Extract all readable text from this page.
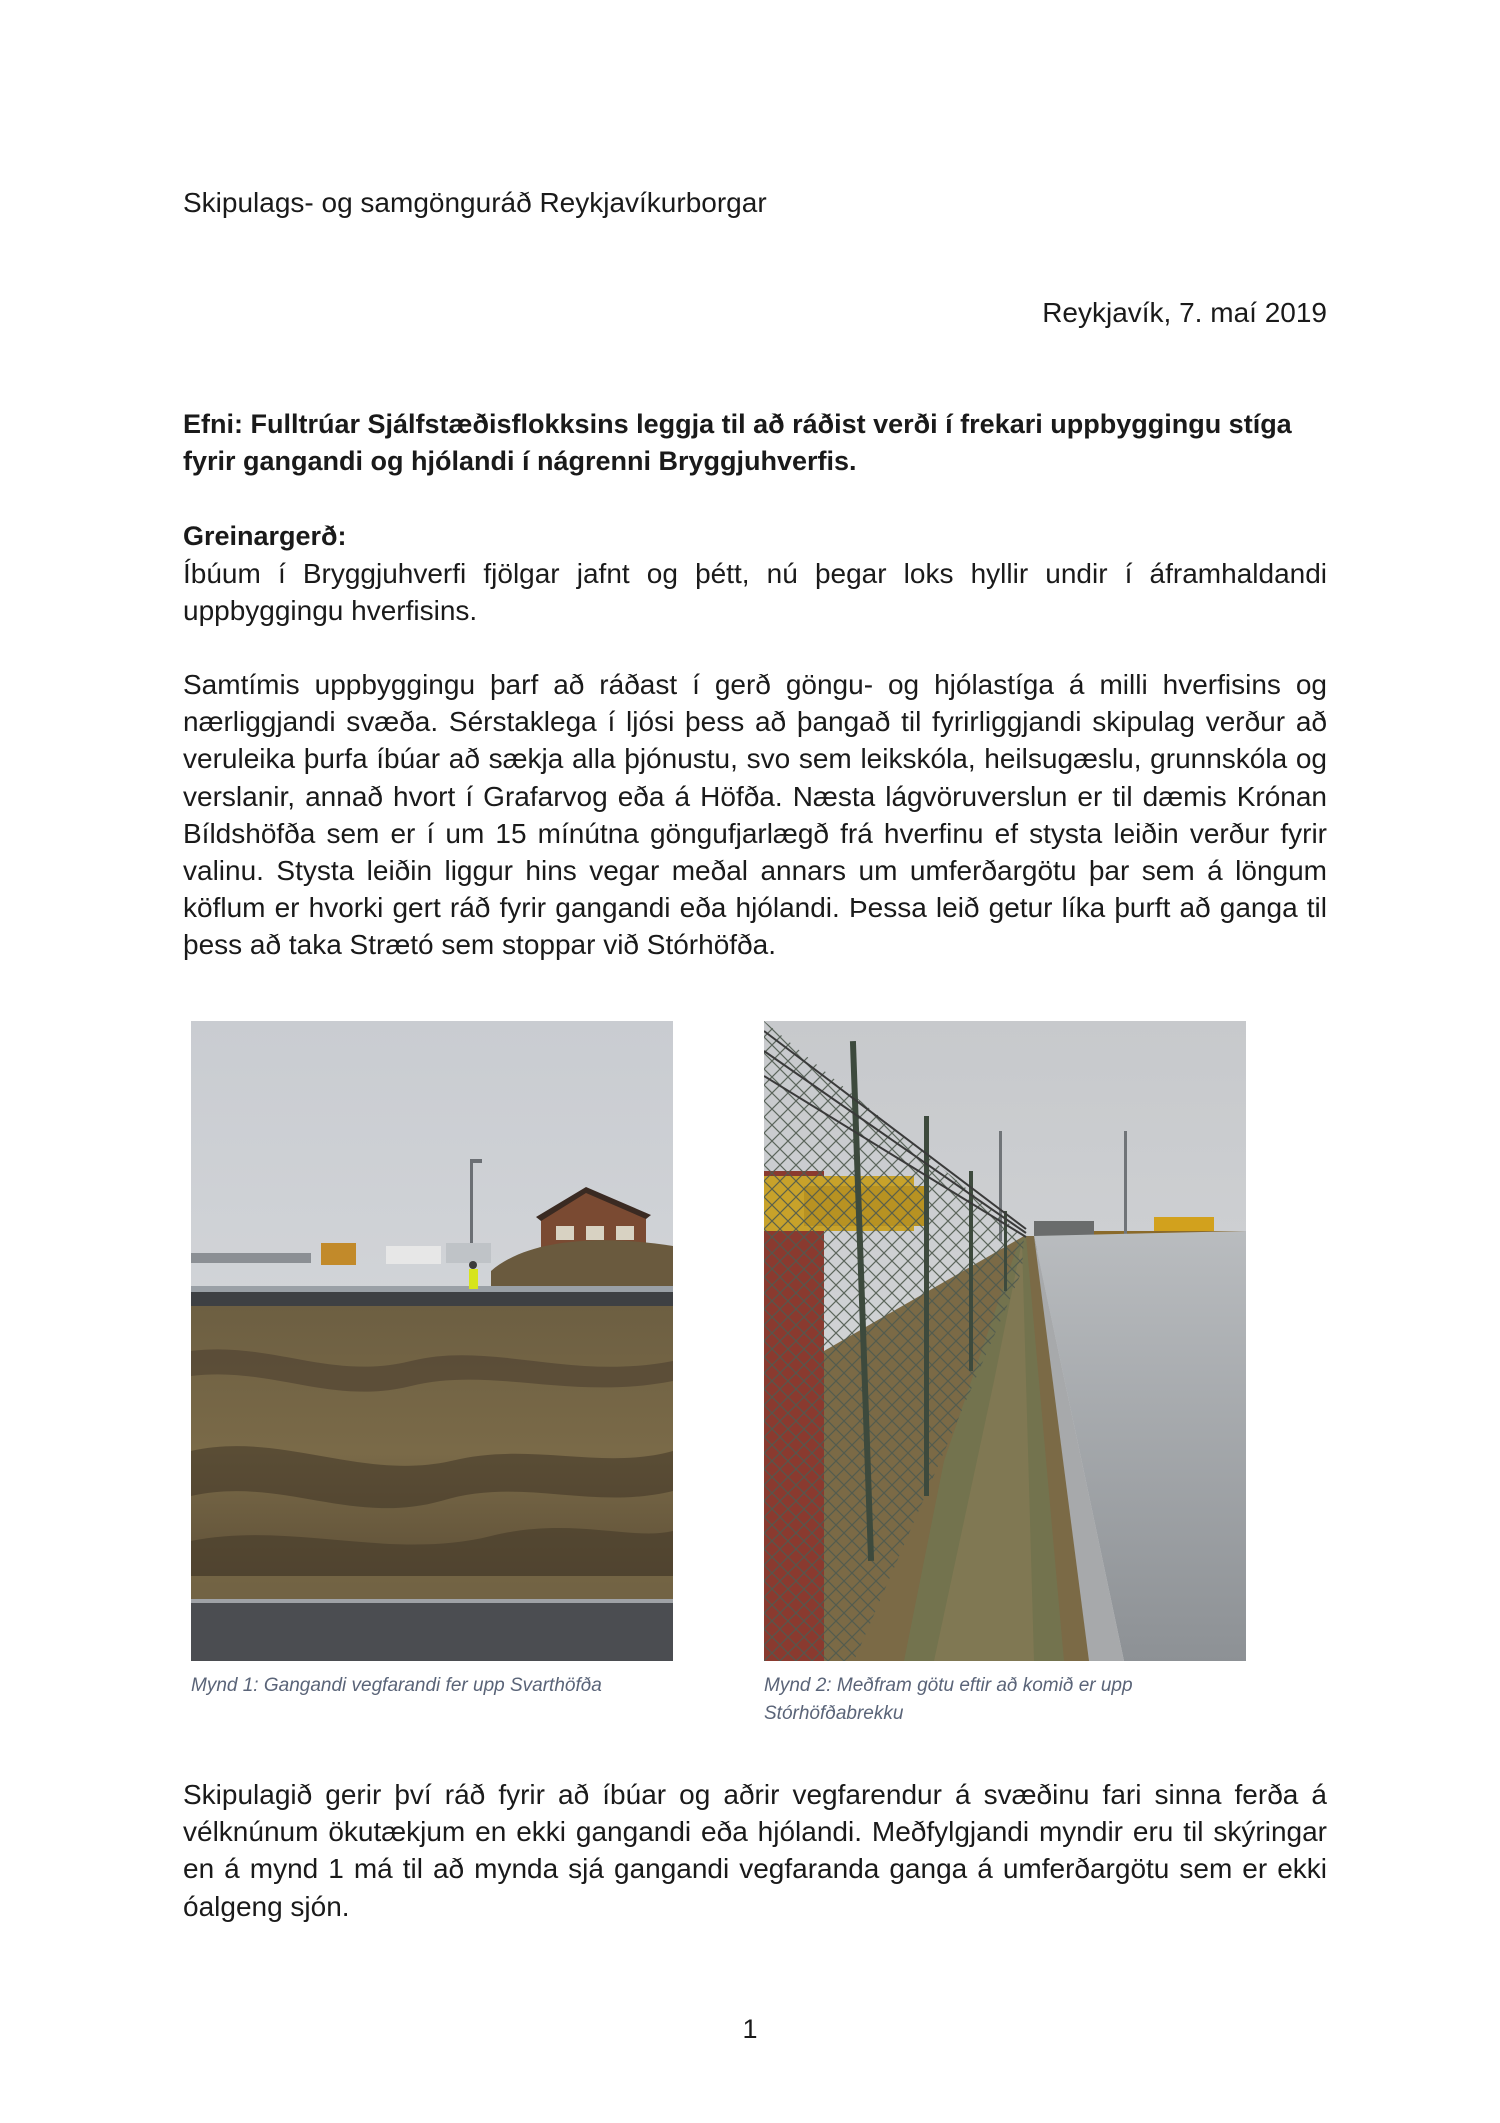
Skipulags- og samgönguráð Reykjavíkurborgar
Reykjavík, 7. maí 2019
Efni: Fulltrúar Sjálfstæðisflokksins leggja til að ráðist verði í frekari uppbyggingu stíga fyrir gangandi og hjólandi í nágrenni Bryggjuhverfis.
Greinargerð:

Íbúum í Bryggjuhverfi fjölgar jafnt og þétt, nú þegar loks hyllir undir í áframhaldandi uppbyggingu hverfisins.

Samtímis uppbyggingu þarf að ráðast í gerð göngu- og hjólastíga á milli hverfisins og nærliggjandi svæða. Sérstaklega í ljósi þess að þangað til fyrirliggjandi skipulag verður að veruleika þurfa íbúar að sækja alla þjónustu, svo sem leikskóla, heilsugæslu, grunnskóla og verslanir, annað hvort í Grafarvog eða á Höfða. Næsta lágvöruverslun er til dæmis Krónan Bíldshöfða sem er í um 15 mínútna göngufjarlægð frá hverfinu ef stysta leiðin verður fyrir valinu. Stysta leiðin liggur hins vegar meðal annars um umferðargötu þar sem á löngum köflum er hvorki gert ráð fyrir gangandi eða hjólandi. Þessa leið getur líka þurft að ganga til þess að taka Strætó sem stoppar við Stórhöfða.

Mynd 1: Gangandi vegfarandi fer upp Svarthöfða	Mynd 2: Meðfram götu eftir að komið er upp Stórhöfðabrekku

Skipulagið gerir því ráð fyrir að íbúar og aðrir vegfarendur á svæðinu fari sinna ferða á vélknúnum ökutækjum en ekki gangandi eða hjólandi. Meðfylgjandi myndir eru til skýringar en á mynd 1 má til að mynda sjá gangandi vegfaranda ganga á umferðargötu sem er ekki óalgeng sjón.

1
